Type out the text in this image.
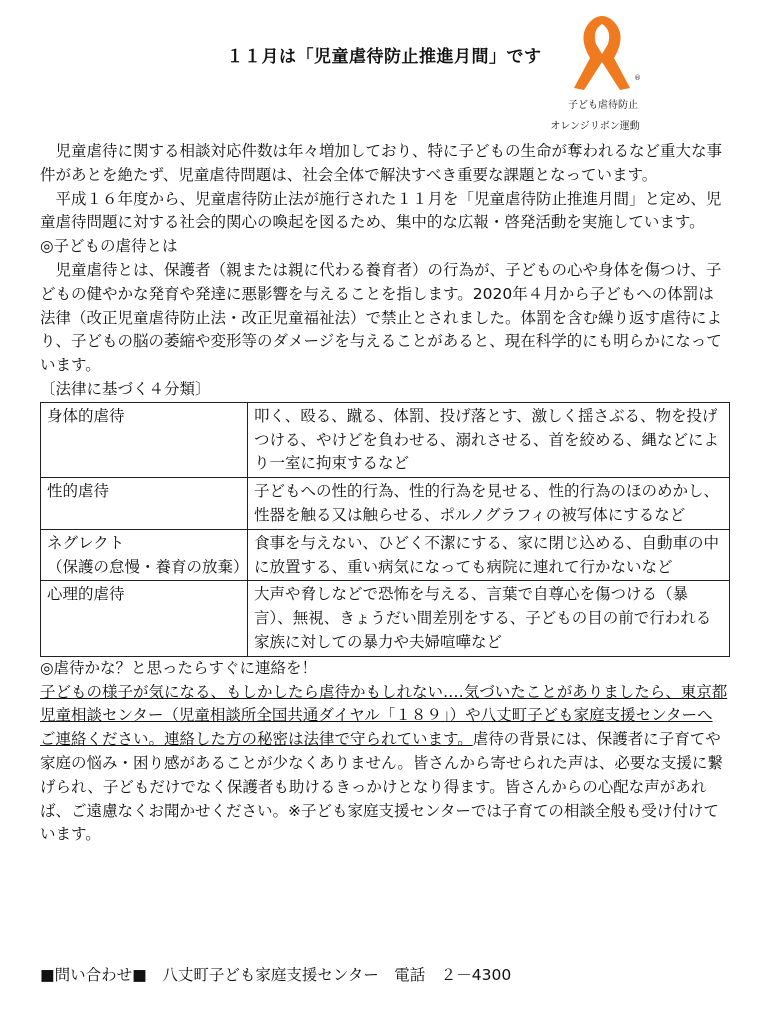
１１月は「児童虐待防止推進月間」です
®
子ども虐待防止
オレンジリボン運動

児童虐待に関する相談対応件数は年々増加しており、特に子どもの生命が奪われるなど重大な事件があとを絶たず、児童虐待問題は、社会全体で解決すべき重要な課題となっています。

平成１６年度から、児童虐待防止法が施行された１１月を「児童虐待防止推進月間」と定め、児童虐待問題に対する社会的関心の喚起を図るため、集中的な広報・啓発活動を実施しています。

◎子どもの虐待とは

児童虐待とは、保護者（親または親に代わる養育者）の行為が、子どもの心や身体を傷つけ、子どもの健やかな発育や発達に悪影響を与えることを指します。2020年４月から子どもへの体罰は法律（改正児童虐待防止法・改正児童福祉法）で禁止とされました。体罰を含む繰り返す虐待により、子どもの脳の萎縮や変形等のダメージを与えることがあると、現在科学的にも明らかになっています。

〔法律に基づく４分類〕

身体的虐待	叩く、殴る、蹴る、体罰、投げ落とす、激しく揺さぶる、物を投げつける、やけどを負わせる、溺れさせる、首を絞める、縄などにより一室に拘束するなど
性的虐待	子どもへの性的行為、性的行為を見せる、性的行為のほのめかし、性器を触る又は触らせる、ポルノグラフィの被写体にするなど
ネグレクト
（保護の怠慢・養育の放棄）	食事を与えない、ひどく不潔にする、家に閉じ込める、自動車の中に放置する、重い病気になっても病院に連れて行かないなど
心理的虐待	大声や脅しなどで恐怖を与える、言葉で自尊心を傷つける（暴言）、無視、きょうだい間差別をする、子どもの目の前で行われる家族に対しての暴力や夫婦喧嘩など

◎虐待かな？と思ったらすぐに連絡を！

子どもの様子が気になる、もしかしたら虐待かもしれない‥‥気づいたことがありましたら、東京都児童相談センター（児童相談所全国共通ダイヤル「１８９」）や八丈町子ども家庭支援センターへご連絡ください。連絡した方の秘密は法律で守られています。虐待の背景には、保護者に子育てや家庭の悩み・困り感があることが少なくありません。皆さんから寄せられた声は、必要な支援に繋げられ、子どもだけでなく保護者も助けるきっかけとなり得ます。皆さんからの心配な声があれば、ご遠慮なくお聞かせください。※子ども家庭支援センターでは子育ての相談全般も受け付けています。

■問い合わせ■　 八丈町子ども家庭支援センター　 電話　 ２－4300
